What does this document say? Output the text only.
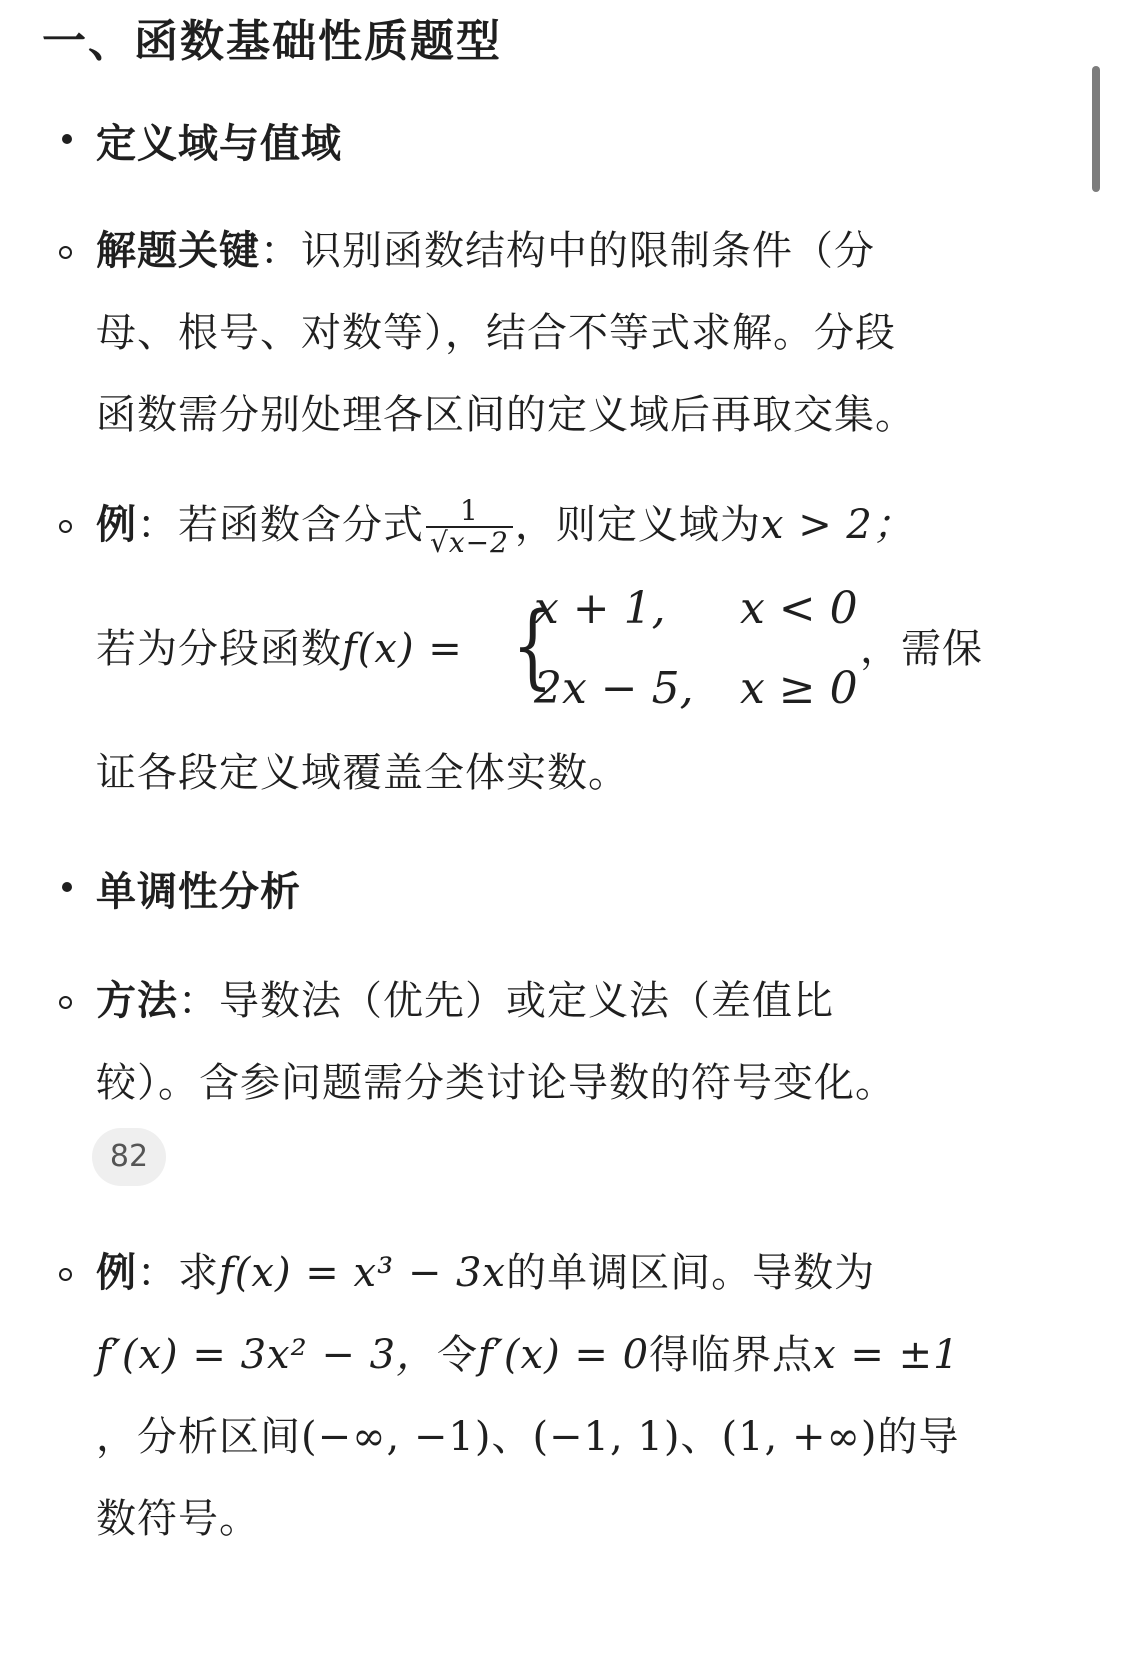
一、函数基础性质题型
定义域与值域
解题关键：识别函数结构中的限制条件（分
母、根号、对数等），结合不等式求解。分段
函数需分别处理各区间的定义域后再取交集。
例：若函数含分式 $\frac{1}{√x-2}$ ，则定义域为x > 2；
若为分段函数f(x) = {
x + 1, x < 0
2x − 5, x ≥ 0
，需保
证各段定义域覆盖全体实数。
单调性分析
方法：导数法（优先）或定义法（差值比
较）。含参问题需分类讨论导数的符号变化。
82
例：求f(x) = x³ − 3x的单调区间。导数为
f′(x) = 3x² − 3，令f′(x) = 0得临界点x = ±1
，分析区间(−∞, −1)、(−1, 1)、(1, +∞)的导
数符号。
